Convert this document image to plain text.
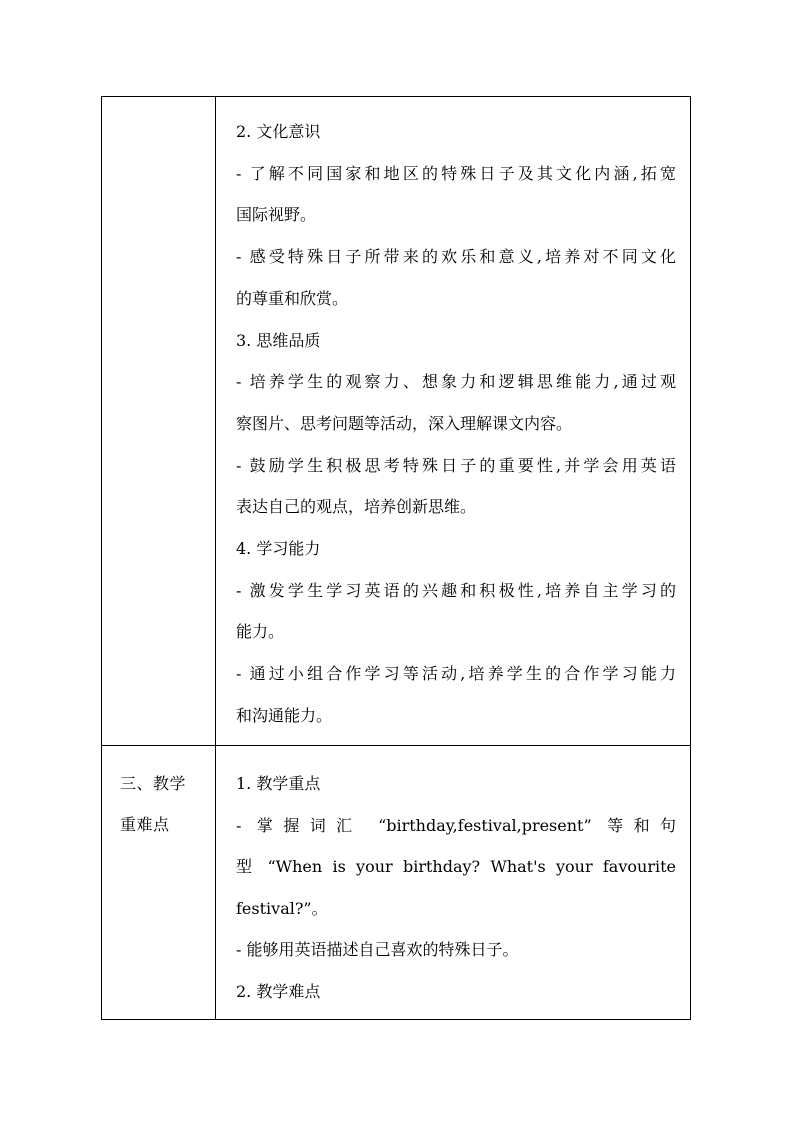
2. 文化意识
- 了解不同国家和地区的特殊日子及其文化内涵,拓宽
国际视野。
- 感受特殊日子所带来的欢乐和意义,培养对不同文化
的尊重和欣赏。
3. 思维品质
- 培养学生的观察力、想象力和逻辑思维能力,通过观
察图片、思考问题等活动，深入理解课文内容。
- 鼓励学生积极思考特殊日子的重要性,并学会用英语
表达自己的观点，培养创新思维。
4. 学习能力
- 激发学生学习英语的兴趣和积极性,培养自主学习的
能力。
- 通过小组合作学习等活动,培养学生的合作学习能力
和沟通能力。
三、教学
重难点
1. 教学重点
- 掌握词汇 “birthday,festival,present” 等和句
型 “When is your birthday? What's your favourite
festival?”。
- 能够用英语描述自己喜欢的特殊日子。
2. 教学难点
